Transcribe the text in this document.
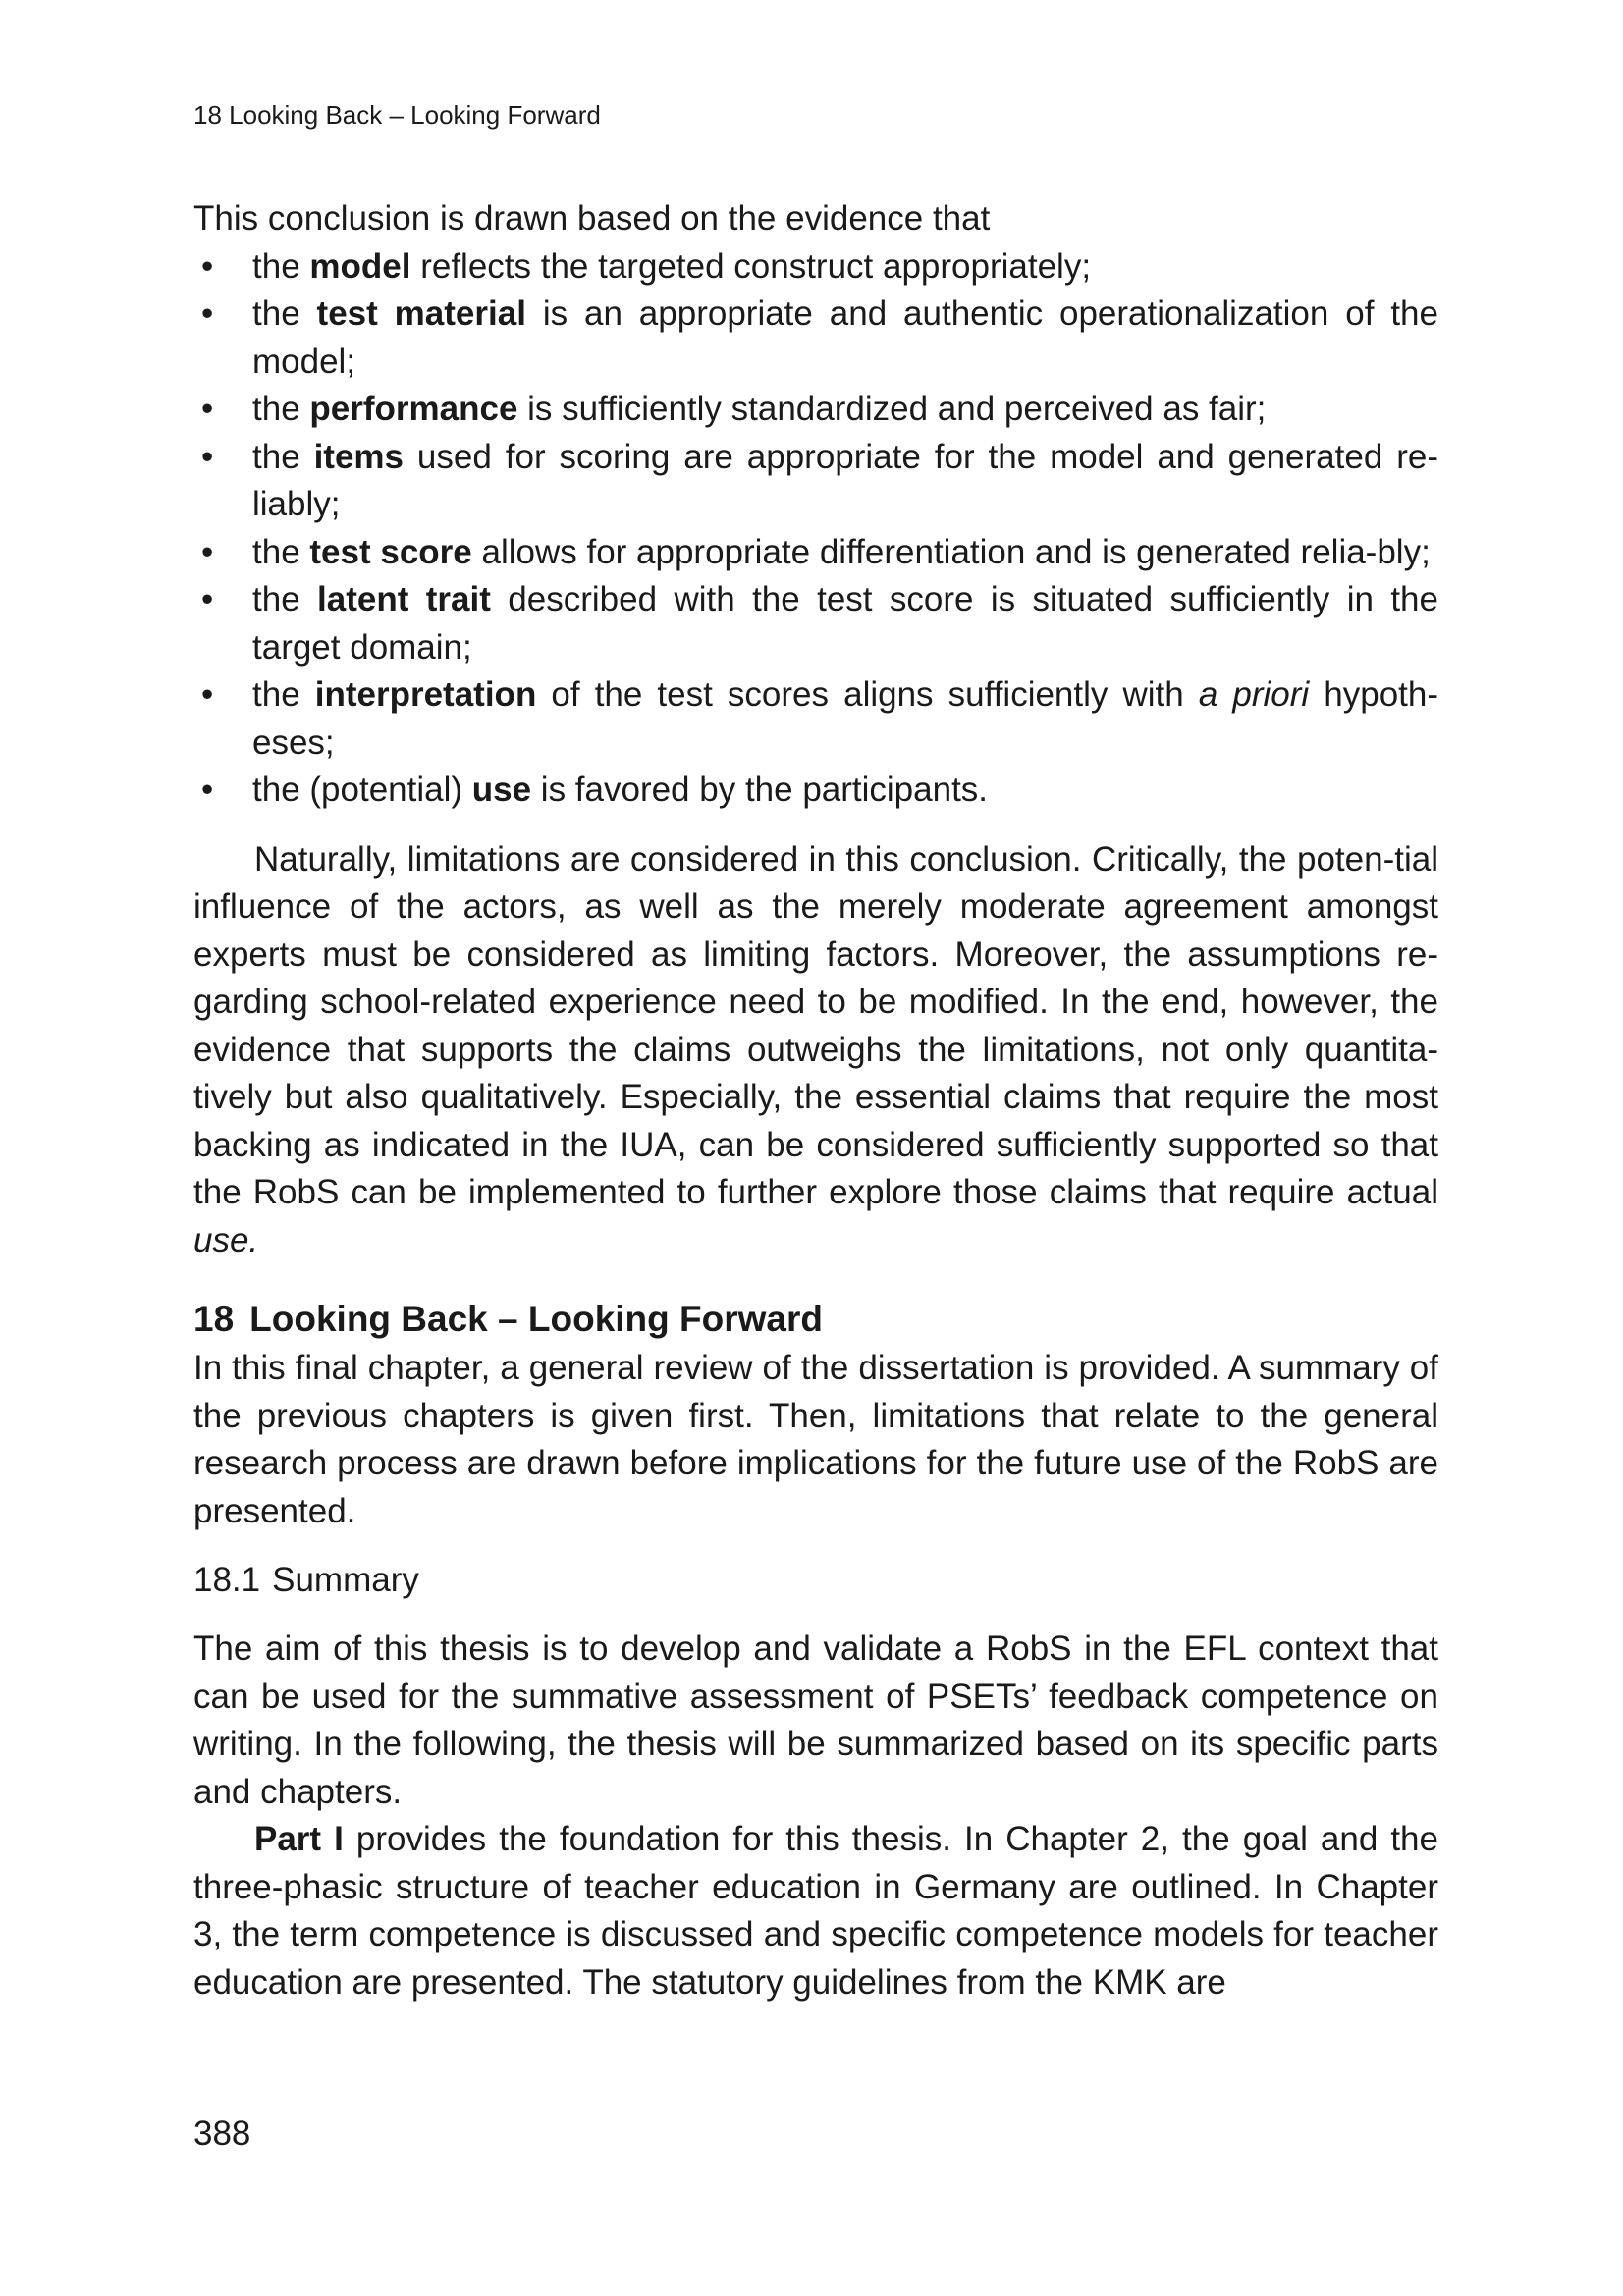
18 Looking Back – Looking Forward

This conclusion is drawn based on the evidence that

• the model reflects the targeted construct appropriately;
• the test material is an appropriate and authentic operationalization of the model;
• the performance is sufficiently standardized and perceived as fair;
• the items used for scoring are appropriate for the model and generated re-liably;
• the test score allows for appropriate differentiation and is generated relia-bly;
• the latent trait described with the test score is situated sufficiently in the target domain;
• the interpretation of the test scores aligns sufficiently with a priori hypoth-eses;
• the (potential) use is favored by the participants.

Naturally, limitations are considered in this conclusion. Critically, the poten-tial influence of the actors, as well as the merely moderate agreement amongst experts must be considered as limiting factors. Moreover, the assumptions re-garding school-related experience need to be modified. In the end, however, the evidence that supports the claims outweighs the limitations, not only quantita-tively but also qualitatively. Especially, the essential claims that require the most backing as indicated in the IUA, can be considered sufficiently supported so that the RobS can be implemented to further explore those claims that require actual use.

18 Looking Back – Looking Forward

In this final chapter, a general review of the dissertation is provided. A summary of the previous chapters is given first. Then, limitations that relate to the general research process are drawn before implications for the future use of the RobS are presented.

18.1 Summary

The aim of this thesis is to develop and validate a RobS in the EFL context that can be used for the summative assessment of PSETs’ feedback competence on writing. In the following, the thesis will be summarized based on its specific parts and chapters.

Part I provides the foundation for this thesis. In Chapter 2, the goal and the three-phasic structure of teacher education in Germany are outlined. In Chapter 3, the term competence is discussed and specific competence models for teacher education are presented. The statutory guidelines from the KMK are

388
